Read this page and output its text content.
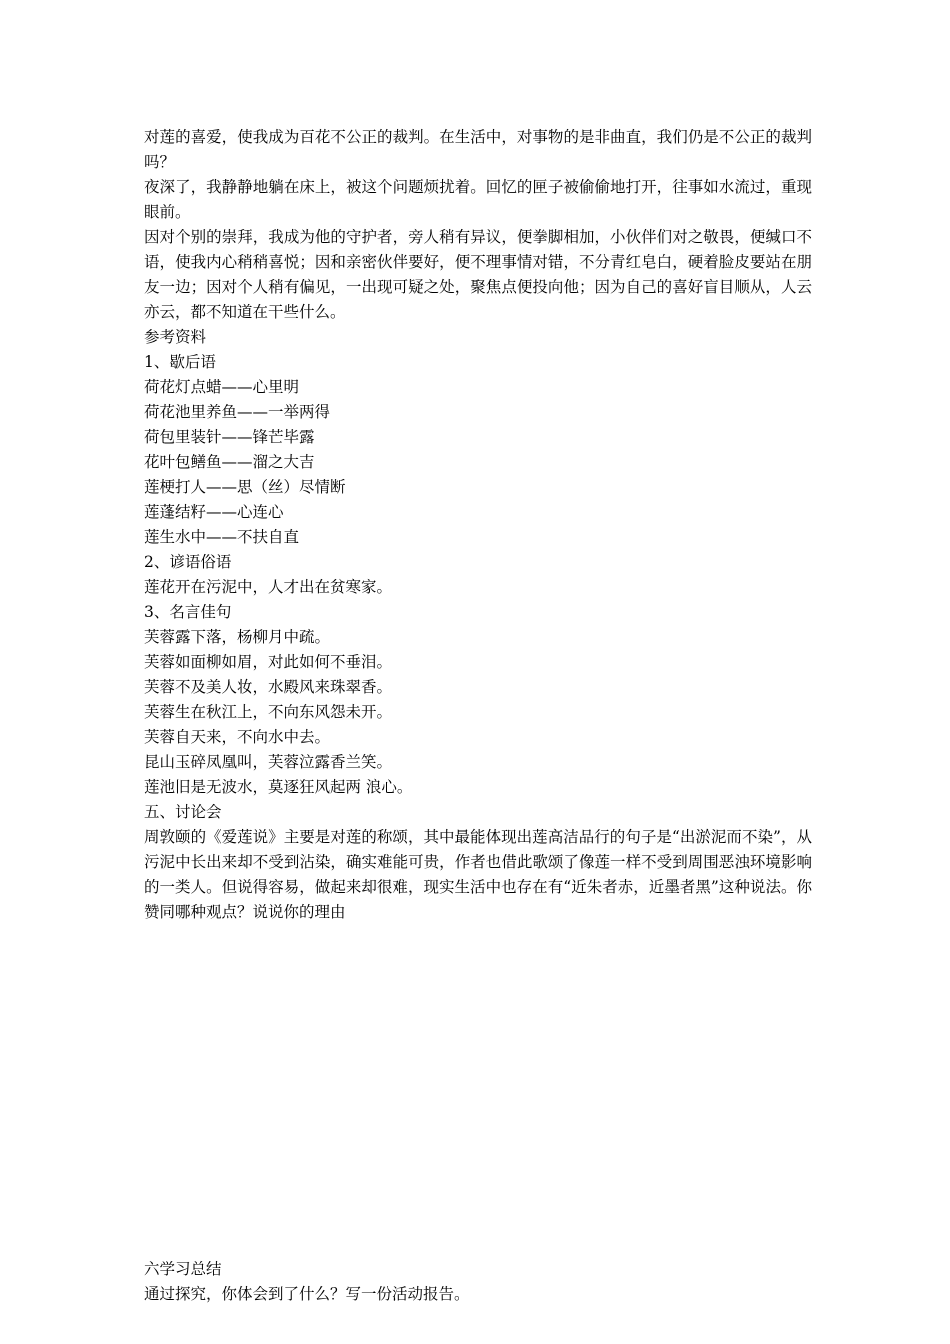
对莲的喜爱，使我成为百花不公正的裁判。在生活中，对事物的是非曲直，我们仍是不公正的裁判吗？

夜深了，我静静地躺在床上，被这个问题烦扰着。回忆的匣子被偷偷地打开，往事如水流过，重现眼前。

因对个别的崇拜，我成为他的守护者，旁人稍有异议，便拳脚相加，小伙伴们对之敬畏，便缄口不语，使我内心稍稍喜悦；因和亲密伙伴要好，便不理事情对错，不分青红皂白，硬着脸皮要站在朋友一边；因对个人稍有偏见，一出现可疑之处，聚焦点便投向他；因为自己的喜好盲目顺从，人云亦云，都不知道在干些什么。

参考资料

1、歇后语

荷花灯点蜡——心里明

荷花池里养鱼——一举两得

荷包里装针——锋芒毕露

花叶包鳝鱼——溜之大吉

莲梗打人——思（丝）尽情断

莲蓬结籽——心连心

莲生水中——不扶自直

2、谚语俗语

莲花开在污泥中，人才出在贫寒家。

3、名言佳句

芙蓉露下落，杨柳月中疏。

芙蓉如面柳如眉，对此如何不垂泪。

芙蓉不及美人妆，水殿风来珠翠香。

芙蓉生在秋江上，不向东风怨未开。

芙蓉自天来，不向水中去。

昆山玉碎凤凰叫，芙蓉泣露香兰笑。

莲池旧是无波水，莫逐狂风起两 浪心。

五、讨论会

周敦颐的《爱莲说》主要是对莲的称颂，其中最能体现出莲高洁品行的句子是“出淤泥而不染”，从污泥中长出来却不受到沾染，确实难能可贵，作者也借此歌颂了像莲一样不受到周围恶浊环境影响的一类人。但说得容易，做起来却很难，现实生活中也存在有“近朱者赤，近墨者黑”这种说法。你赞同哪种观点？说说你的理由

六学习总结

通过探究，你体会到了什么？写一份活动报告。
